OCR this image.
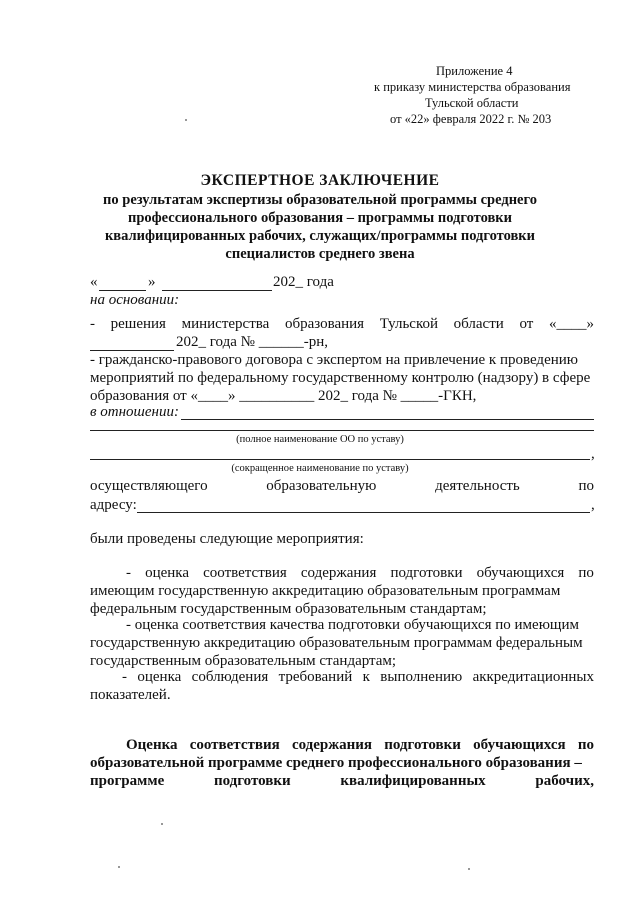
Приложение 4
к приказу министерства образования
Тульской области
от «22» февраля 2022 г. № 203
ЭКСПЕРТНОЕ ЗАКЛЮЧЕНИЕ
по результатам экспертизы образовательной программы среднего
профессионального образования – программы подготовки
квалифицированных рабочих, служащих/программы подготовки
специалистов среднего звена
«	»	202_ года
на основании:
- решения министерства образования Тульской области от «____»
202_ года № ______-рн,
- гражданско-правового договора с экспертом на привлечение к проведению
мероприятий по федеральному государственному контролю (надзору) в сфере
образования от «____» __________ 202_ года № _____-ГКН,
в отношении:
(полное наименование ОО по уставу)
,
(сокращенное наименование по уставу)
осуществляющего	образовательную	деятельность	по
адресу:	,
были проведены следующие мероприятия:
- оценка соответствия содержания подготовки обучающихся по
имеющим государственную аккредитацию образовательным программам
федеральным государственным образовательным стандартам;
- оценка соответствия качества подготовки обучающихся по имеющим
государственную аккредитацию образовательным программам федеральным
государственным образовательным стандартам;
- оценка соблюдения требований к выполнению аккредитационных
показателей.
Оценка соответствия содержания подготовки обучающихся по
образовательной программе среднего профессионального образования –
программе	подготовки	квалифицированных	рабочих,
